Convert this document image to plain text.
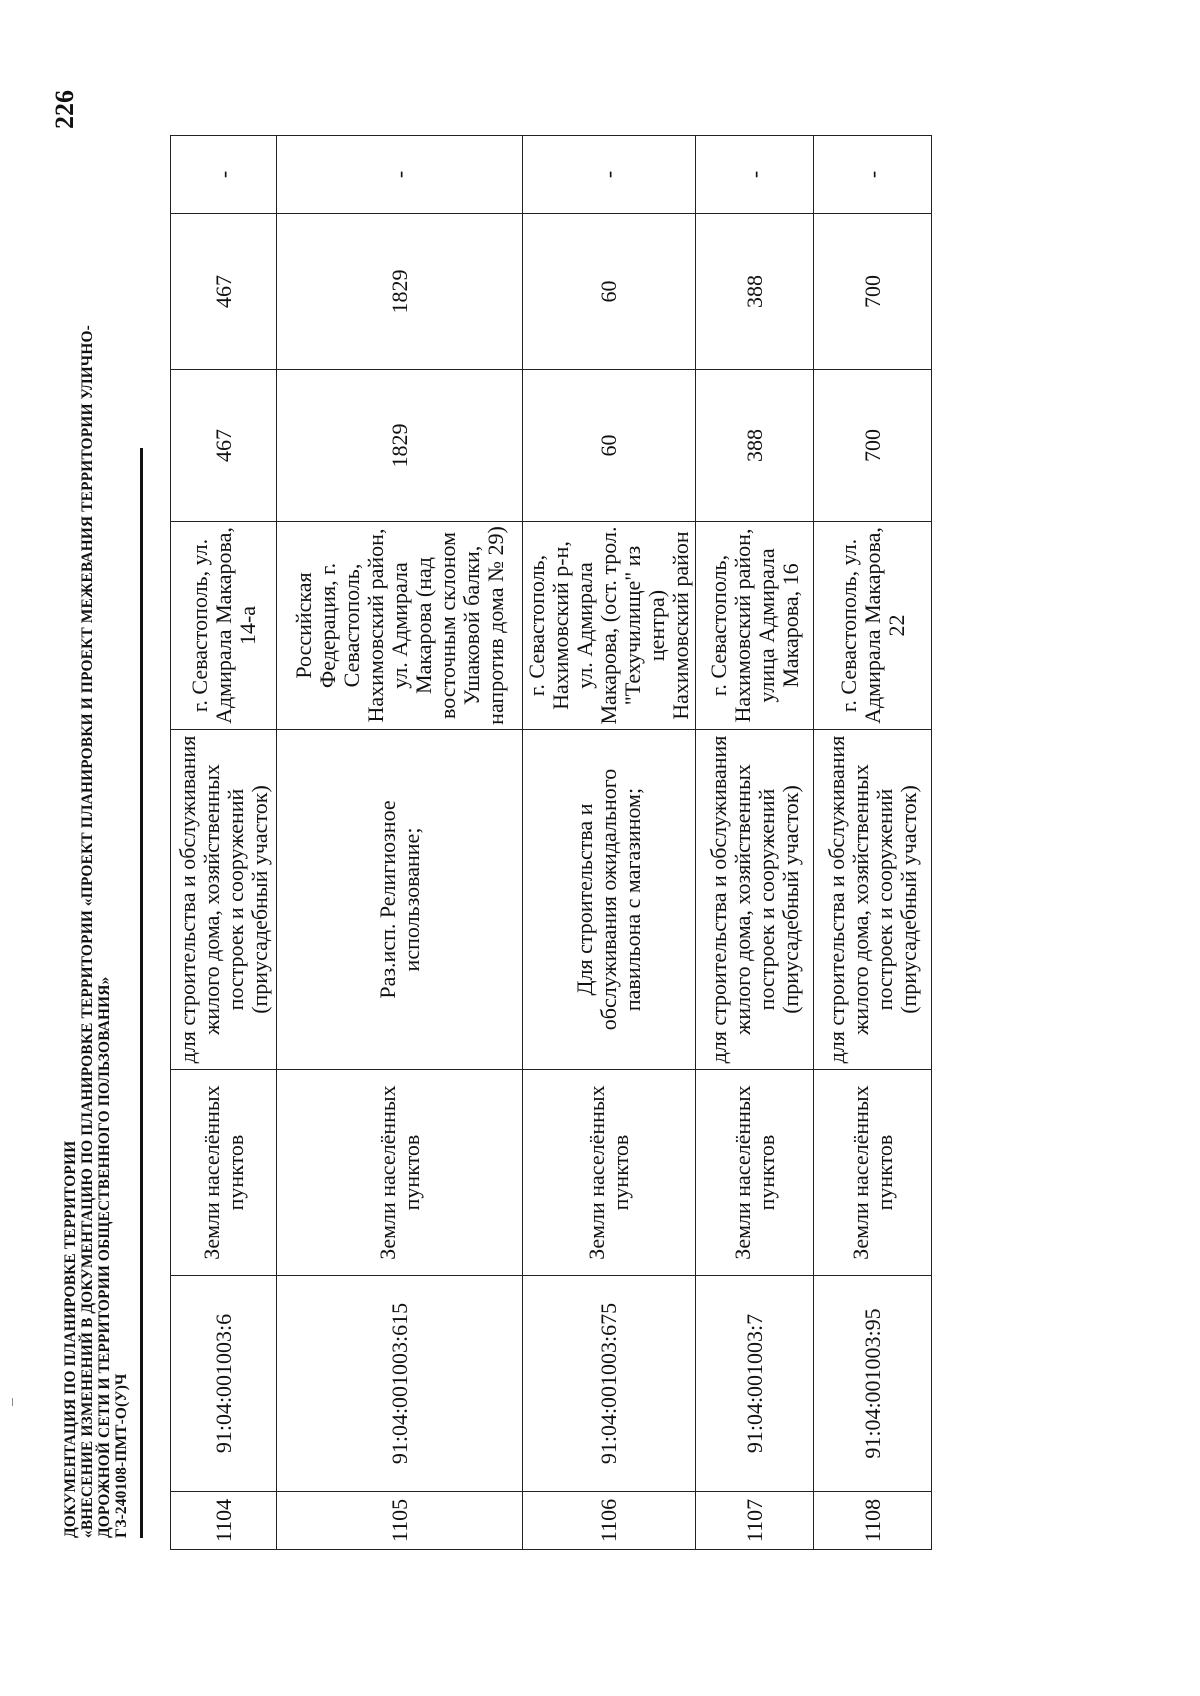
226
ДОКУМЕНТАЦИЯ ПО ПЛАНИРОВКЕ ТЕРРИТОРИИ «ВНЕСЕНИЕ ИЗМЕНЕНИЙ В ДОКУМЕНТАЦИЮ ПО ПЛАНИРОВКЕ ТЕРРИТОРИИ «ПРОЕКТ ПЛАНИРОВКИ И ПРОЕКТ МЕЖЕВАНИЯ ТЕРРИТОРИИ УЛИЧНО- ДОРОЖНОЙ СЕТИ И ТЕРРИТОРИИ ОБЩЕСТВЕННОГО ПОЛЬЗОВАНИЯ» ГЗ-240108-ПМТ-О(У)Ч	1104	91:04:001003:6	Земли населённых пунктов	для строительства и обслуживания жилого дома, хозяйственных построек и сооружений (приусадебный участок)	г. Севастополь, ул. Адмирала Макарова, 14-а	467	467	-
1105	91:04:001003:615	Земли населённых пунктов	Раз.исп. Религиозное использование;	Российская Федерация, г. Севастополь, Нахимовский район, ул. Адмирала Макарова (над восточным склоном Ушаковой балки, напротив дома № 29)	1829	1829	-
1106	91:04:001003:675	Земли населённых пунктов	Для строительства и обслуживания ожидального павильона с магазином;	г. Севастополь, Нахимовский р-н, ул. Адмирала Макарова, (ост. трол. "Техучилище" из центра) Нахимовский район	60	60	-
1107	91:04:001003:7	Земли населённых пунктов	для строительства и обслуживания жилого дома, хозяйственных построек и сооружений (приусадебный участок)	г. Севастополь, Нахимовский район, улица Адмирала Макарова, 16	388	388	-
1108	91:04:001003:95	Земли населённых пунктов	для строительства и обслуживания жилого дома, хозяйственных построек и сооружений (приусадебный участок)	г. Севастополь, ул. Адмирала Макарова, 22	700	700	-
